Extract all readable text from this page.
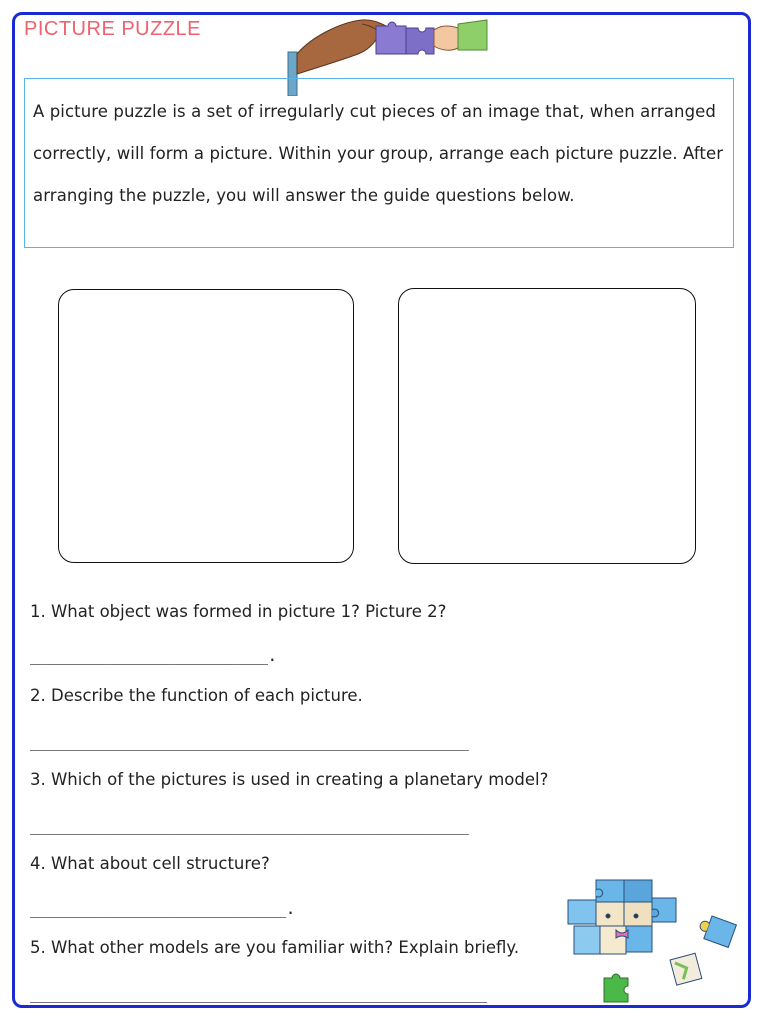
PICTURE PUZZLE

A picture puzzle is a set of irregularly cut pieces of an image that, when arranged correctly, will form a picture. Within your group, arrange each picture puzzle. After arranging the puzzle, you will answer the guide questions below.

1. What object was formed in picture 1? Picture 2?
__________________________.
2. Describe the function of each picture.
________________________________________________
3. Which of the pictures is used in creating a planetary model?
________________________________________________
4. What about cell structure?
____________________________.
5. What other models are you familiar with? Explain briefly.
__________________________________________________
